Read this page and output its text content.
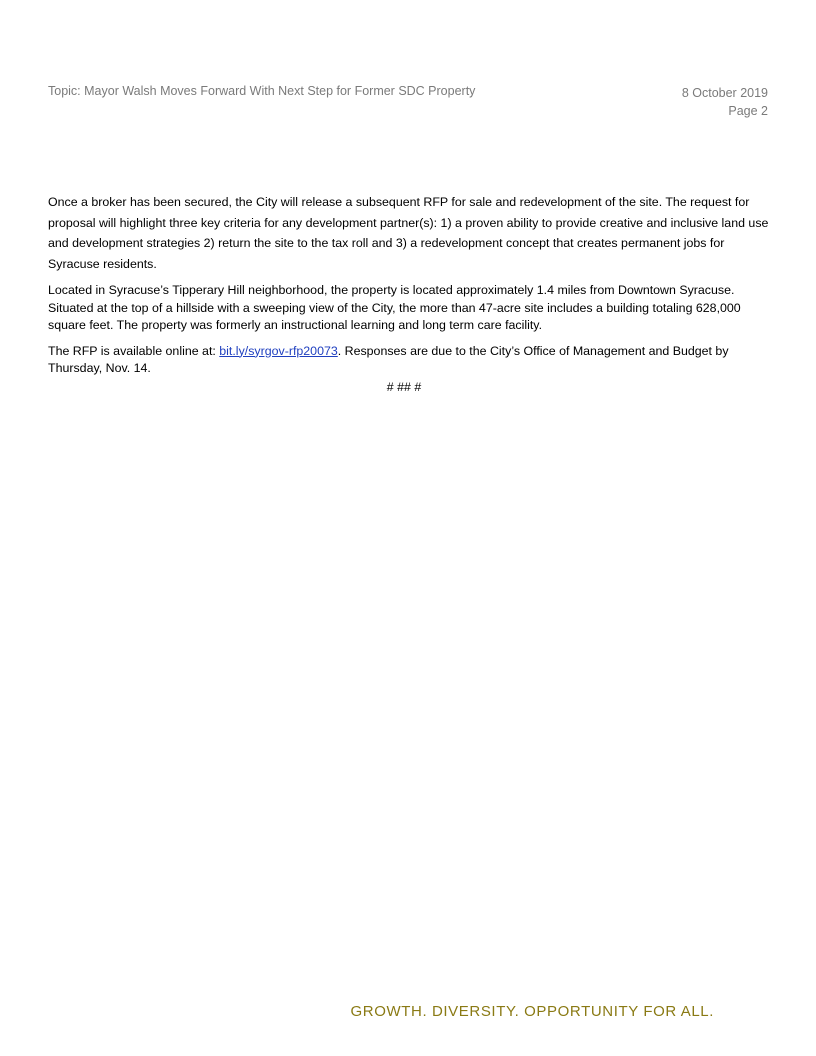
Topic: Mayor Walsh Moves Forward With Next Step for Former SDC Property	8 October 2019
Page 2

Once a broker has been secured, the City will release a subsequent RFP for sale and redevelopment of the site. The request for proposal will highlight three key criteria for any development partner(s): 1) a proven ability to provide creative and inclusive land use and development strategies 2) return the site to the tax roll and 3) a redevelopment concept that creates permanent jobs for Syracuse residents.

Located in Syracuse’s Tipperary Hill neighborhood, the property is located approximately 1.4 miles from Downtown Syracuse. Situated at the top of a hillside with a sweeping view of the City, the more than 47-acre site includes a building totaling 628,000 square feet. The property was formerly an instructional learning and long term care facility.

The RFP is available online at: bit.ly/syrgov-rfp20073. Responses are due to the City’s Office of Management and Budget by Thursday, Nov. 14.

# ## #
GROWTH. DIVERSITY. OPPORTUNITY FOR ALL.
